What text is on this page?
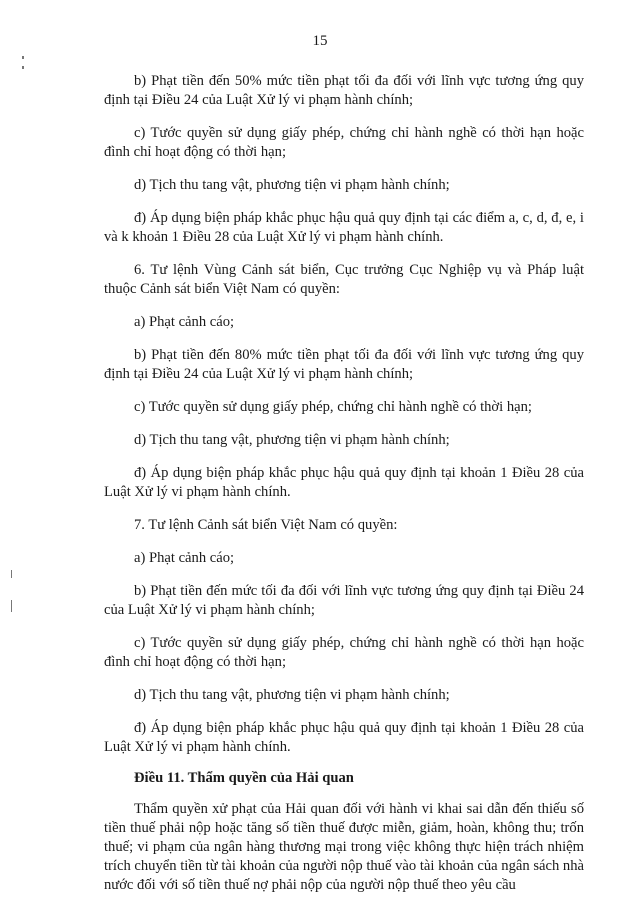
15

b) Phạt tiền đến 50% mức tiền phạt tối đa đối với lĩnh vực tương ứng quy định tại Điều 24 của Luật Xử lý vi phạm hành chính;

c) Tước quyền sử dụng giấy phép, chứng chỉ hành nghề có thời hạn hoặc đình chỉ hoạt động có thời hạn;

d) Tịch thu tang vật, phương tiện vi phạm hành chính;

đ) Áp dụng biện pháp khắc phục hậu quả quy định tại các điểm a, c, d, đ, e, i và k khoản 1 Điều 28 của Luật Xử lý vi phạm hành chính.

6. Tư lệnh Vùng Cảnh sát biển, Cục trưởng Cục Nghiệp vụ và Pháp luật thuộc Cảnh sát biển Việt Nam có quyền:

a) Phạt cảnh cáo;

b) Phạt tiền đến 80% mức tiền phạt tối đa đối với lĩnh vực tương ứng quy định tại Điều 24 của Luật Xử lý vi phạm hành chính;

c) Tước quyền sử dụng giấy phép, chứng chỉ hành nghề có thời hạn;

d) Tịch thu tang vật, phương tiện vi phạm hành chính;

đ) Áp dụng biện pháp khắc phục hậu quả quy định tại khoản 1 Điều 28 của Luật Xử lý vi phạm hành chính.

7. Tư lệnh Cảnh sát biển Việt Nam có quyền:

a) Phạt cảnh cáo;

b) Phạt tiền đến mức tối đa đối với lĩnh vực tương ứng quy định tại Điều 24 của Luật Xử lý vi phạm hành chính;

c) Tước quyền sử dụng giấy phép, chứng chỉ hành nghề có thời hạn hoặc đình chỉ hoạt động có thời hạn;

d) Tịch thu tang vật, phương tiện vi phạm hành chính;

đ) Áp dụng biện pháp khắc phục hậu quả quy định tại khoản 1 Điều 28 của Luật Xử lý vi phạm hành chính.

Điều 11. Thẩm quyền của Hải quan

Thẩm quyền xử phạt của Hải quan đối với hành vi khai sai dẫn đến thiếu số tiền thuế phải nộp hoặc tăng số tiền thuế được miễn, giảm, hoàn, không thu; trốn thuế; vi phạm của ngân hàng thương mại trong việc không thực hiện trách nhiệm trích chuyển tiền từ tài khoản của người nộp thuế vào tài khoản của ngân sách nhà nước đối với số tiền thuế nợ phải nộp của người nộp thuế theo yêu cầu
